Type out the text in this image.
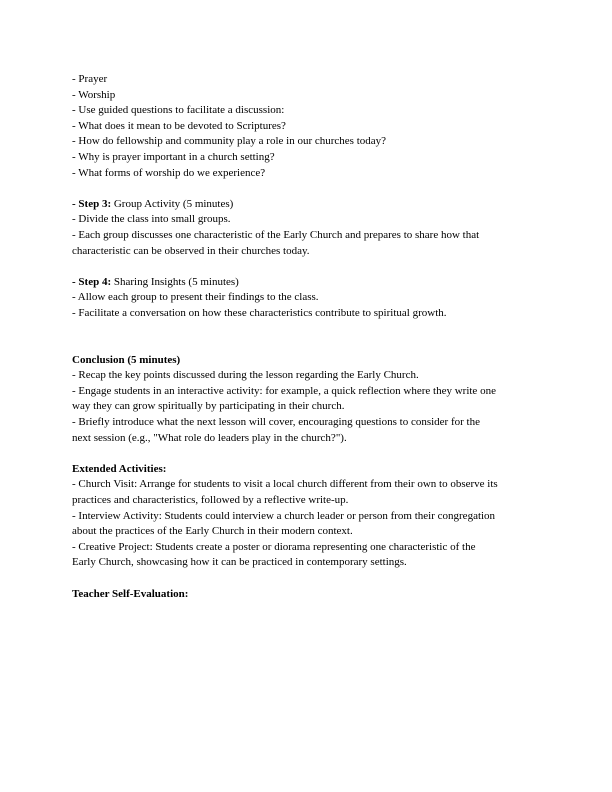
- Prayer
- Worship
- Use guided questions to facilitate a discussion:
- What does it mean to be devoted to Scriptures?
- How do fellowship and community play a role in our churches today?
- Why is prayer important in a church setting?
- What forms of worship do we experience?
- Step 3: Group Activity (5 minutes)
- Divide the class into small groups.
- Each group discusses one characteristic of the Early Church and prepares to share how that
characteristic can be observed in their churches today.
- Step 4: Sharing Insights (5 minutes)
- Allow each group to present their findings to the class.
- Facilitate a conversation on how these characteristics contribute to spiritual growth.
Conclusion (5 minutes)
- Recap the key points discussed during the lesson regarding the Early Church.
- Engage students in an interactive activity: for example, a quick reflection where they write one
way they can grow spiritually by participating in their church.
- Briefly introduce what the next lesson will cover, encouraging questions to consider for the
next session (e.g., "What role do leaders play in the church?").
Extended Activities:
- Church Visit: Arrange for students to visit a local church different from their own to observe its
practices and characteristics, followed by a reflective write-up.
- Interview Activity: Students could interview a church leader or person from their congregation
about the practices of the Early Church in their modern context.
- Creative Project: Students create a poster or diorama representing one characteristic of the
Early Church, showcasing how it can be practiced in contemporary settings.
Teacher Self-Evaluation:
